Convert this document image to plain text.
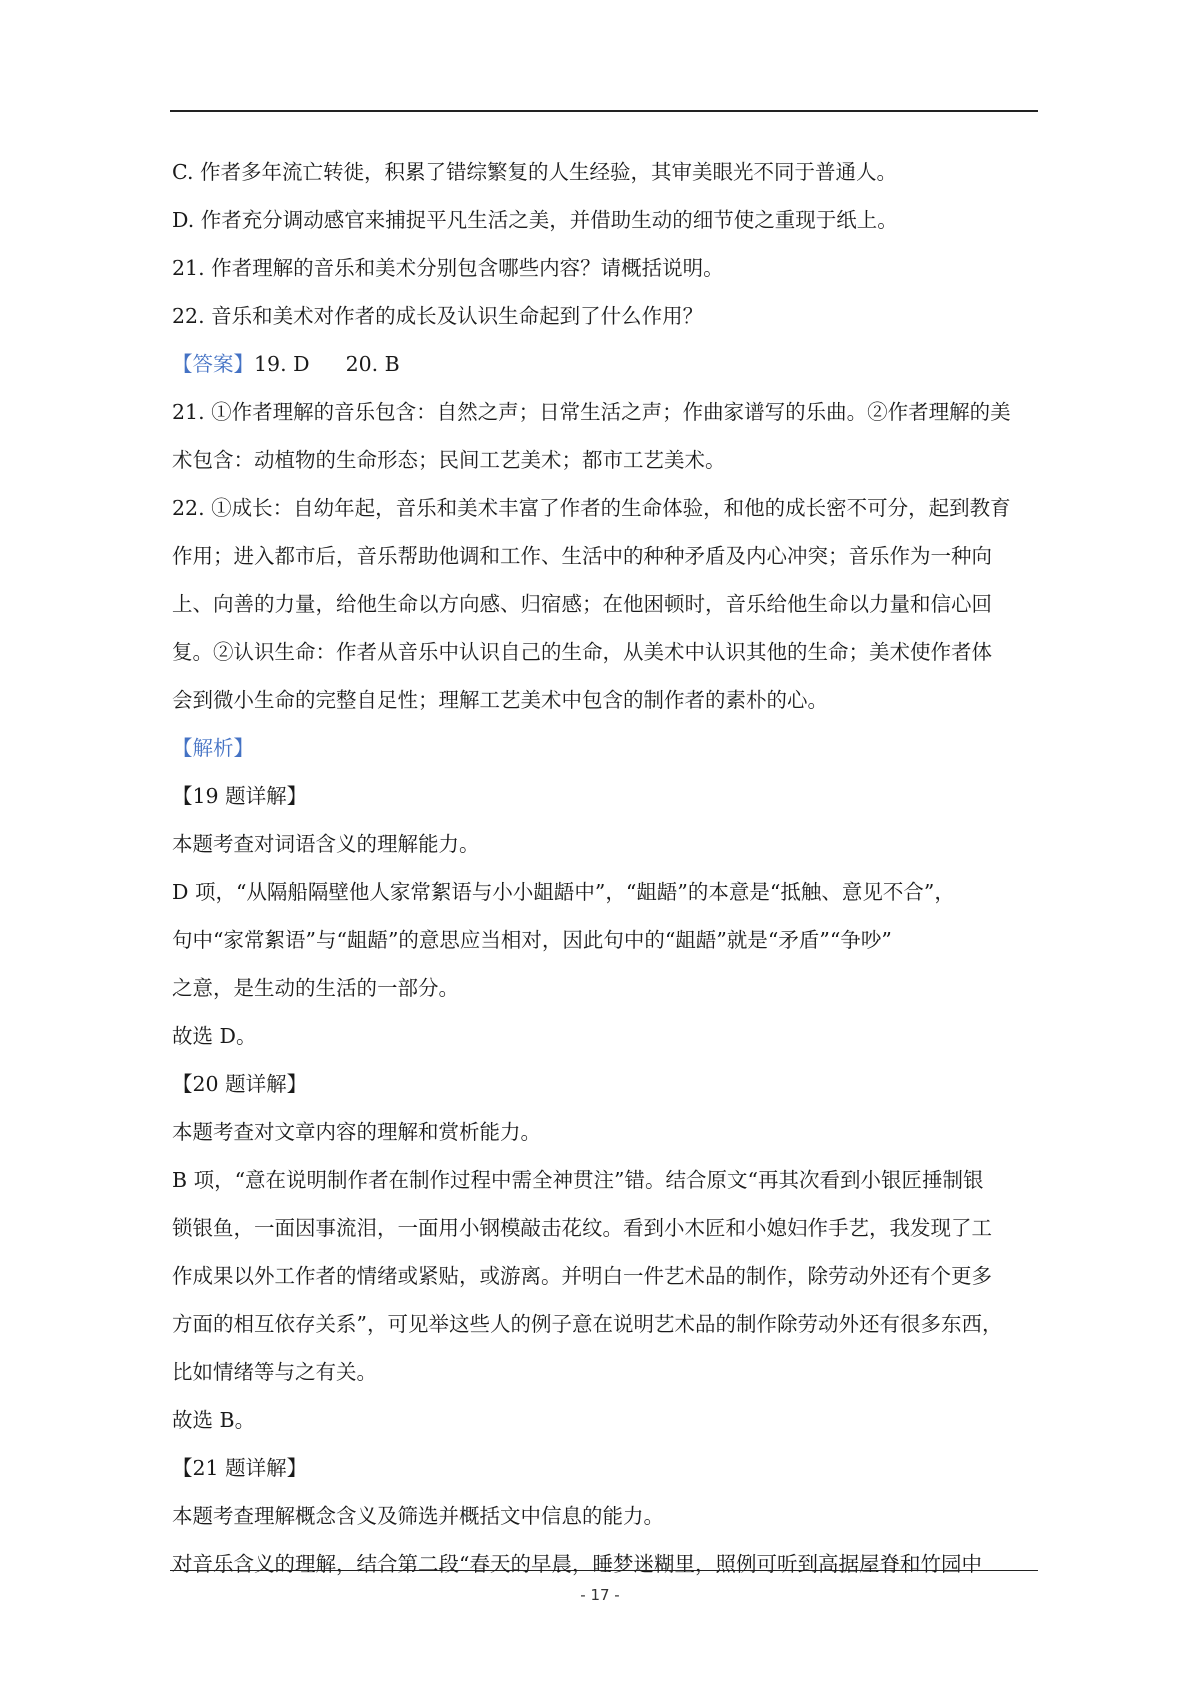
C. 作者多年流亡转徙，积累了错综繁复的人生经验，其审美眼光不同于普通人。
D. 作者充分调动感官来捕捉平凡生活之美，并借助生动的细节使之重现于纸上。
21. 作者理解的音乐和美术分别包含哪些内容？请概括说明。
22. 音乐和美术对作者的成长及认识生命起到了什么作用？
【答案】19. D 20. B
21. ①作者理解的音乐包含：自然之声；日常生活之声；作曲家谱写的乐曲。②作者理解的美
术包含：动植物的生命形态；民间工艺美术；都市工艺美术。
22. ①成长：自幼年起，音乐和美术丰富了作者的生命体验，和他的成长密不可分，起到教育
作用；进入都市后，音乐帮助他调和工作、生活中的种种矛盾及内心冲突；音乐作为一种向
上、向善的力量，给他生命以方向感、归宿感；在他困顿时，音乐给他生命以力量和信心回
复。②认识生命：作者从音乐中认识自己的生命，从美术中认识其他的生命；美术使作者体
会到微小生命的完整自足性；理解工艺美术中包含的制作者的素朴的心。
【解析】
【19 题详解】
本题考查对词语含义的理解能力。
D 项，“从隔船隔壁他人家常絮语与小小龃龉中”，“龃龉”的本意是“抵触、意见不合”，
句中“家常絮语”与“龃龉”的意思应当相对，因此句中的“龃龉”就是“矛盾”“争吵”
之意，是生动的生活的一部分。
故选 D。
【20 题详解】
本题考查对文章内容的理解和赏析能力。
B 项，“意在说明制作者在制作过程中需全神贯注”错。结合原文“再其次看到小银匠捶制银
锁银鱼，一面因事流泪，一面用小钢模敲击花纹。看到小木匠和小媳妇作手艺，我发现了工
作成果以外工作者的情绪或紧贴，或游离。并明白一件艺术品的制作，除劳动外还有个更多
方面的相互依存关系”，可见举这些人的例子意在说明艺术品的制作除劳动外还有很多东西，
比如情绪等与之有关。
故选 B。
【21 题详解】
本题考查理解概念含义及筛选并概括文中信息的能力。
对音乐含义的理解，结合第二段“春天的早晨，睡梦迷糊里，照例可听到高据屋脊和竹园中
- 17 -
